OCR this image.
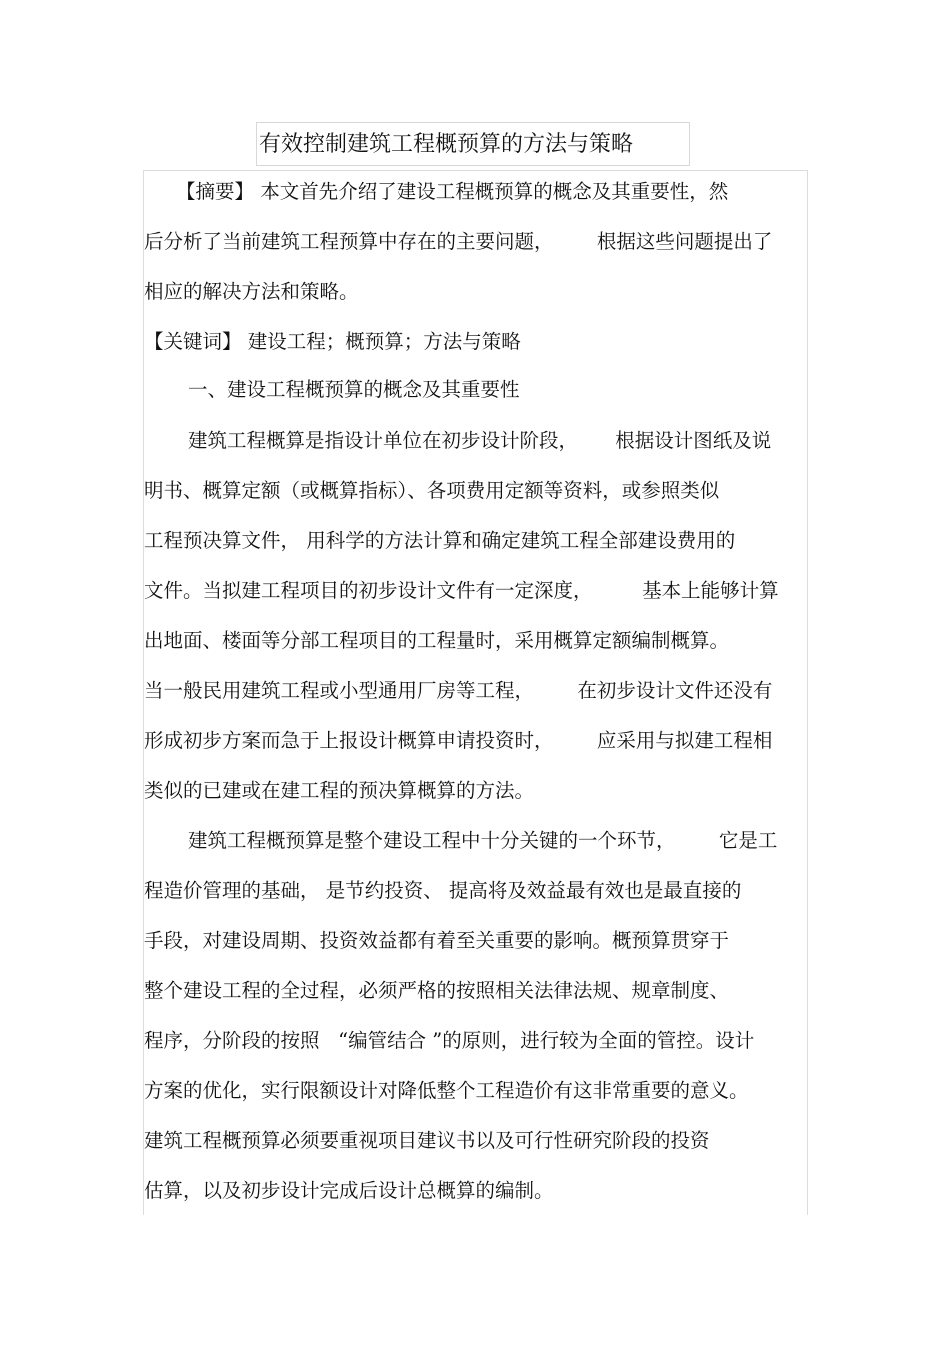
有效控制建筑工程概预算的方法与策略
【摘要】 本文首先介绍了建设工程概预算的概念及其重要性，然
后分析了当前建筑工程预算中存在的主要问题，       根据这些问题提出了
相应的解决方法和策略。
【关键词】 建设工程；概预算；方法与策略
一、建设工程概预算的概念及其重要性
建筑工程概算是指设计单位在初步设计阶段，      根据设计图纸及说
明书、概算定额（或概算指标）、各项费用定额等资料，或参照类似
工程预决算文件， 用科学的方法计算和确定建筑工程全部建设费用的
文件。当拟建工程项目的初步设计文件有一定深度，        基本上能够计算
出地面、楼面等分部工程项目的工程量时，采用概算定额编制概算。
当一般民用建筑工程或小型通用厂房等工程，       在初步设计文件还没有
形成初步方案而急于上报设计概算申请投资时，       应采用与拟建工程相
类似的已建或在建工程的预决算概算的方法。
建筑工程概预算是整个建设工程中十分关键的一个环节，       它是工
程造价管理的基础， 是节约投资、 提高将及效益最有效也是最直接的
手段，对建设周期、投资效益都有着至关重要的影响。概预算贯穿于
整个建设工程的全过程，必须严格的按照相关法律法规、规章制度、
程序，分阶段的按照   “编管结合 ”的原则，进行较为全面的管控。设计
方案的优化，实行限额设计对降低整个工程造价有这非常重要的意义。
建筑工程概预算必须要重视项目建议书以及可行性研究阶段的投资
估算，以及初步设计完成后设计总概算的编制。
